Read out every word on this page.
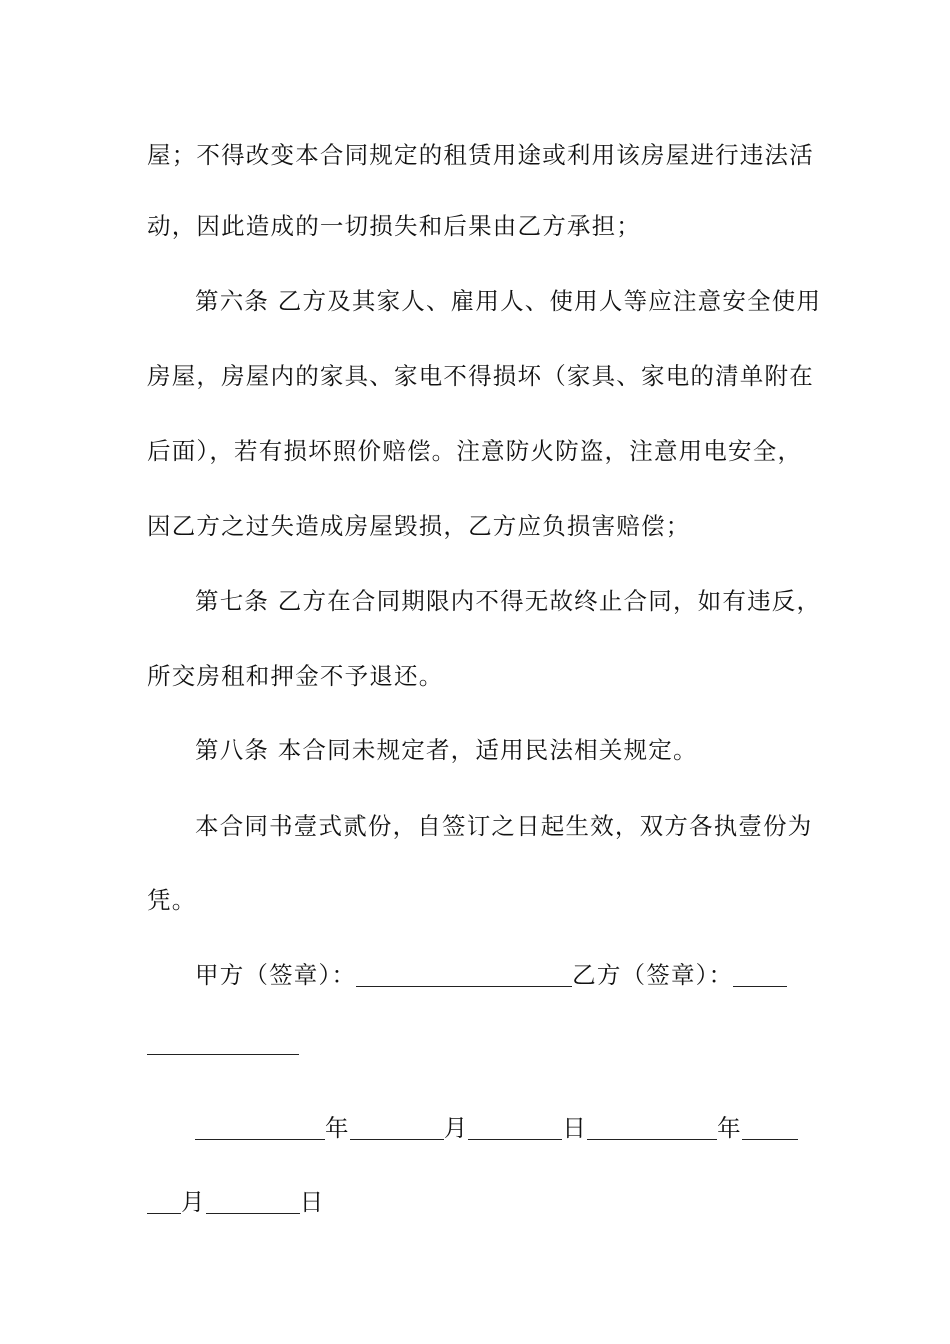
屋；不得改变本合同规定的租赁用途或利用该房屋进行违法活
动，因此造成的一切损失和后果由乙方承担；
第六条 乙方及其家人、雇用人、使用人等应注意安全使用
房屋，房屋内的家具、家电不得损坏（家具、家电的清单附在
后面），若有损坏照价赔偿。注意防火防盗，注意用电安全，
因乙方之过失造成房屋毁损，乙方应负损害赔偿；
第七条 乙方在合同期限内不得无故终止合同，如有违反，
所交房租和押金不予退还。
第八条 本合同未规定者，适用民法相关规定。
本合同书壹式贰份，自签订之日起生效，双方各执壹份为
凭。
甲方（签章）：	乙方（签章）：
年	月	日	年
月	日
